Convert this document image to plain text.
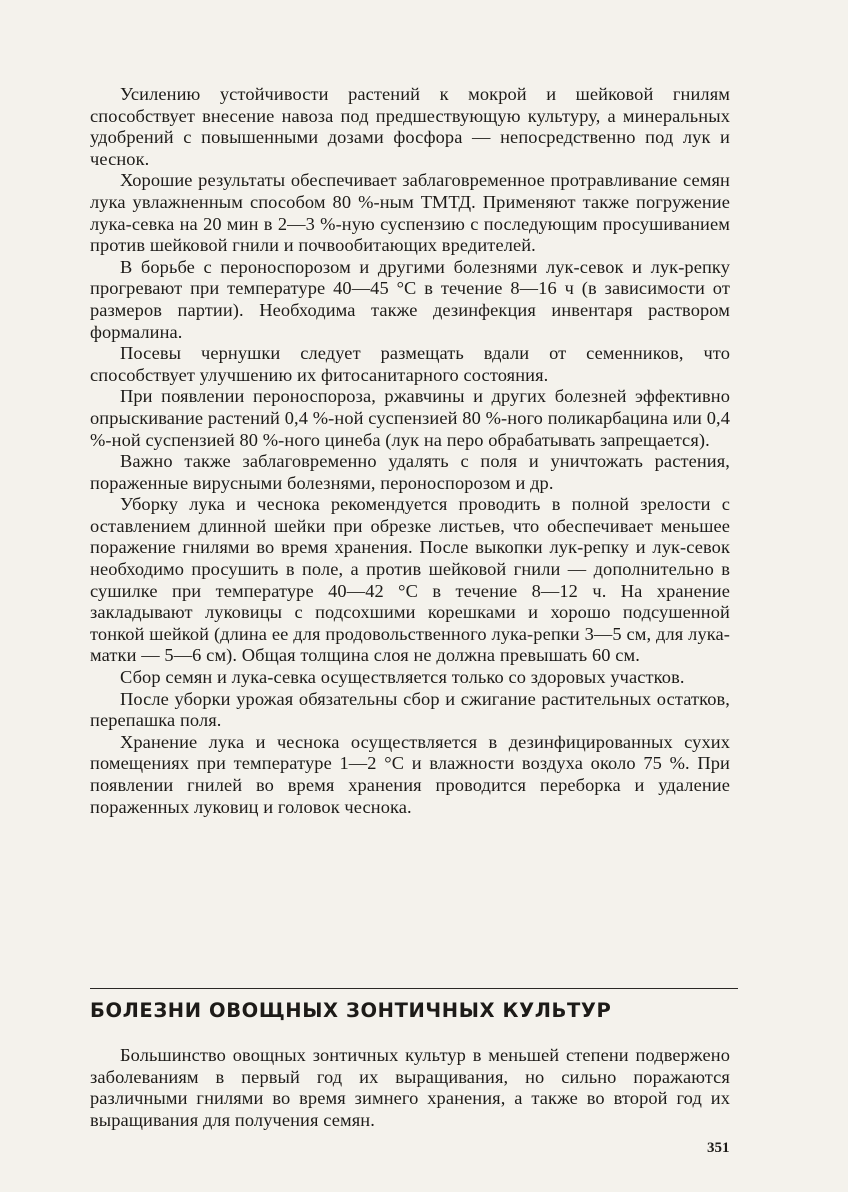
Усилению устойчивости растений к мокрой и шейковой гнилям способствует внесение навоза под предшествующую культуру, а минеральных удобрений с повышенными дозами фосфора — непосредственно под лук и чеснок.

Хорошие результаты обеспечивает заблаговременное протравливание семян лука увлажненным способом 80 %-ным ТМТД. Применяют также погружение лука-севка на 20 мин в 2—3 %-ную суспензию с последующим просушиванием против шейковой гнили и почвообитающих вредителей.

В борьбе с пероноспорозом и другими болезнями лук-севок и лук-репку прогревают при температуре 40—45 °С в течение 8—16 ч (в зависимости от размеров партии). Необходима также дезинфекция инвентаря раствором формалина.

Посевы чернушки следует размещать вдали от семенников, что способствует улучшению их фитосанитарного состояния.

При появлении пероноспороза, ржавчины и других болезней эффективно опрыскивание растений 0,4 %-ной суспензией 80 %-ного поликарбацина или 0,4 %-ной суспензией 80 %-ного цинеба (лук на перо обрабатывать запрещается).

Важно также заблаговременно удалять с поля и уничтожать растения, пораженные вирусными болезнями, пероноспорозом и др.

Уборку лука и чеснока рекомендуется проводить в полной зрелости с оставлением длинной шейки при обрезке листьев, что обеспечивает меньшее поражение гнилями во время хранения. После выкопки лук-репку и лук-севок необходимо просушить в поле, а против шейковой гнили — дополнительно в сушилке при температуре 40—42 °С в течение 8—12 ч. На хранение закладывают луковицы с подсохшими корешками и хорошо подсушенной тонкой шейкой (длина ее для продовольственного лука-репки 3—5 см, для лука-матки — 5—6 см). Общая толщина слоя не должна превышать 60 см.

Сбор семян и лука-севка осуществляется только со здоровых участков.

После уборки урожая обязательны сбор и сжигание растительных остатков, перепашка поля.

Хранение лука и чеснока осуществляется в дезинфицированных сухих помещениях при температуре 1—2 °С и влажности воздуха около 75 %. При появлении гнилей во время хранения проводится переборка и удаление пораженных луковиц и головок чеснока.

БОЛЕЗНИ ОВОЩНЫХ ЗОНТИЧНЫХ КУЛЬТУР

Большинство овощных зонтичных культур в меньшей степени подвержено заболеваниям в первый год их выращивания, но сильно поражаются различными гнилями во время зимнего хранения, а также во второй год их выращивания для получения семян.

351
